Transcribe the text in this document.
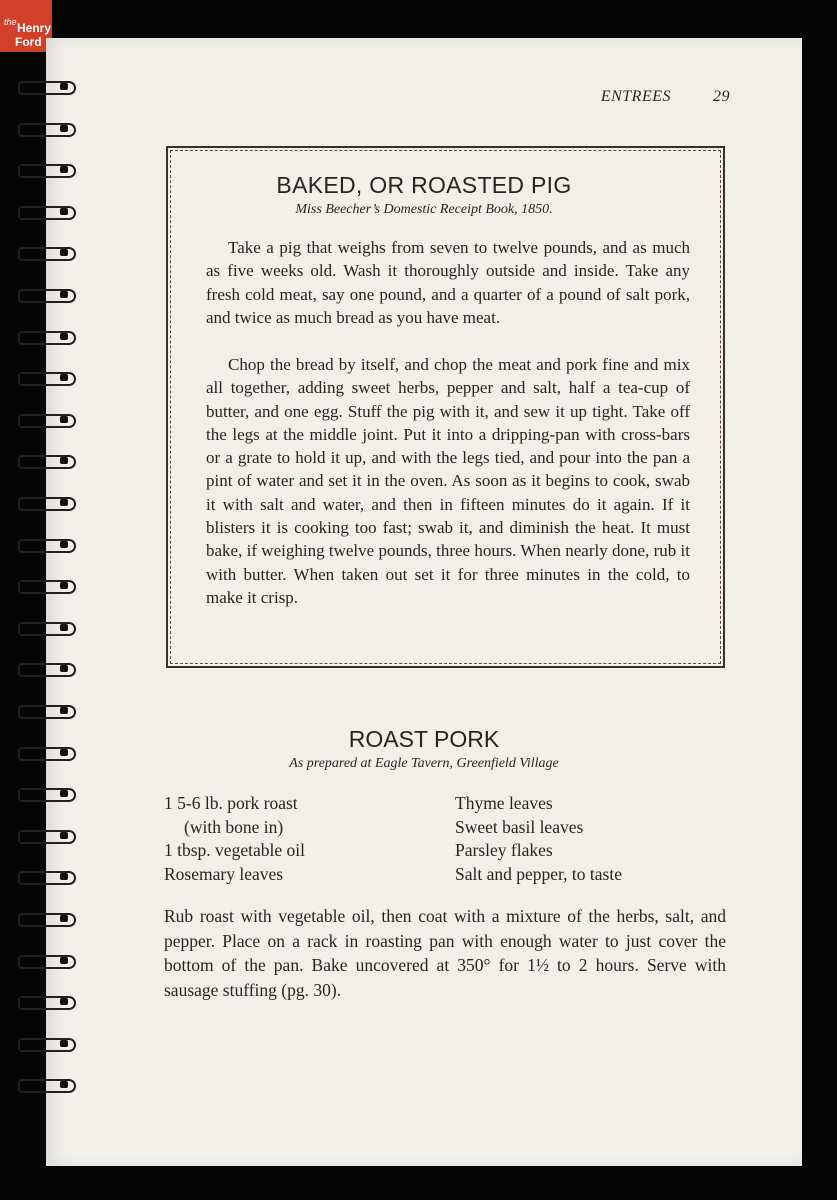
the Henry
Ford
ENTREES	29
BAKED, OR ROASTED PIG
Miss Beecher’s Domestic Receipt Book, 1850.

Take a pig that weighs from seven to twelve pounds, and as much as five weeks old. Wash it thoroughly outside and inside. Take any fresh cold meat, say one pound, and a quarter of a pound of salt pork, and twice as much bread as you have meat.

Chop the bread by itself, and chop the meat and pork fine and mix all together, adding sweet herbs, pepper and salt, half a tea-cup of butter, and one egg. Stuff the pig with it, and sew it up tight. Take off the legs at the middle joint. Put it into a dripping-pan with cross-bars or a grate to hold it up, and with the legs tied, and pour into the pan a pint of water and set it in the oven. As soon as it begins to cook, swab it with salt and water, and then in fifteen minutes do it again. If it blisters it is cooking too fast; swab it, and diminish the heat. It must bake, if weighing twelve pounds, three hours. When nearly done, rub it with butter. When taken out set it for three minutes in the cold, to make it crisp.

ROAST PORK
As prepared at Eagle Tavern, Greenfield Village
1 5-6 lb. pork roast
(with bone in)
1 tbsp. vegetable oil
Rosemary leaves
Thyme leaves
Sweet basil leaves
Parsley flakes
Salt and pepper, to taste

Rub roast with vegetable oil, then coat with a mixture of the herbs, salt, and pepper. Place on a rack in roasting pan with enough water to just cover the bottom of the pan. Bake uncovered at 350° for 1½ to 2 hours. Serve with sausage stuffing (pg. 30).
